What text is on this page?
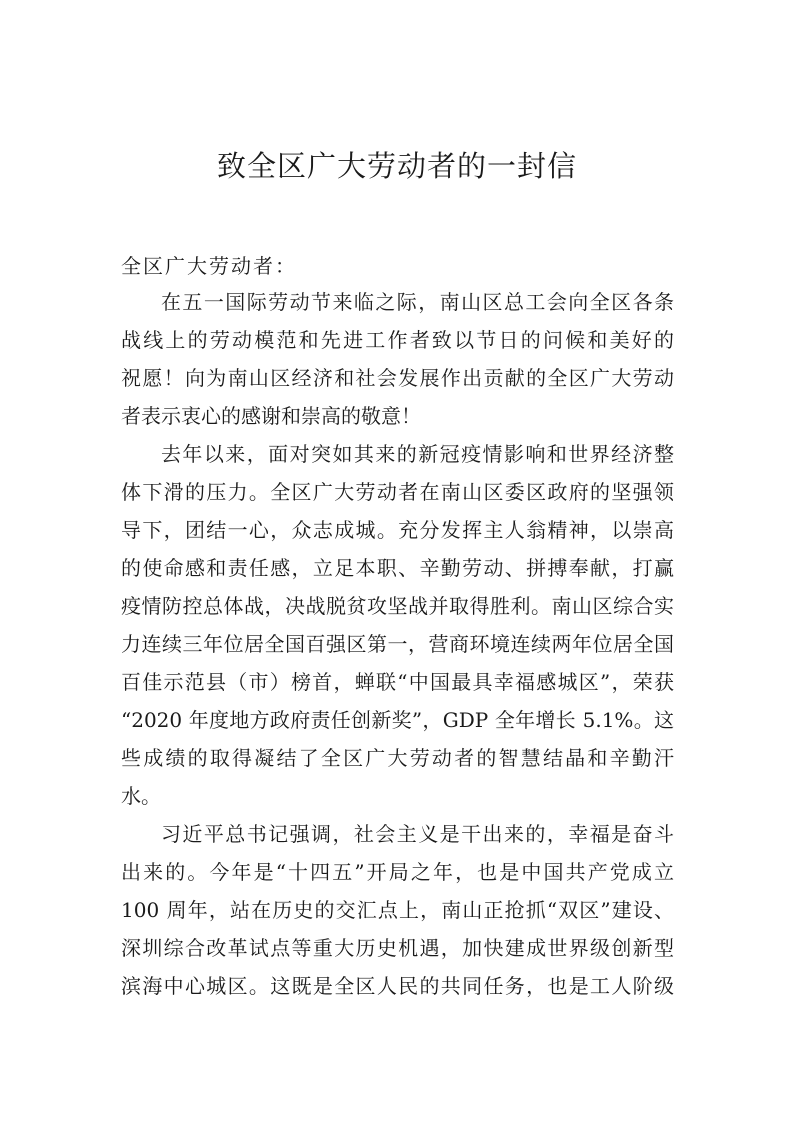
致全区广大劳动者的一封信
全区广大劳动者：
在五一国际劳动节来临之际，南山区总工会向全区各条
战线上的劳动模范和先进工作者致以节日的问候和美好的
祝愿！向为南山区经济和社会发展作出贡献的全区广大劳动
者表示衷心的感谢和崇高的敬意！
去年以来，面对突如其来的新冠疫情影响和世界经济整
体下滑的压力。全区广大劳动者在南山区委区政府的坚强领
导下，团结一心，众志成城。充分发挥主人翁精神，以崇高
的使命感和责任感，立足本职、辛勤劳动、拼搏奉献，打赢
疫情防控总体战，决战脱贫攻坚战并取得胜利。南山区综合实
力连续三年位居全国百强区第一，营商环境连续两年位居全国
百佳示范县（市）榜首，蝉联“中国最具幸福感城区”，荣获
“2020 年度地方政府责任创新奖”，GDP 全年增长 5.1%。这
些成绩的取得凝结了全区广大劳动者的智慧结晶和辛勤汗
水。
习近平总书记强调，社会主义是干出来的，幸福是奋斗
出来的。今年是“十四五”开局之年，也是中国共产党成立
100 周年，站在历史的交汇点上，南山正抢抓“双区”建设、
深圳综合改革试点等重大历史机遇，加快建成世界级创新型
滨海中心城区。这既是全区人民的共同任务，也是工人阶级
